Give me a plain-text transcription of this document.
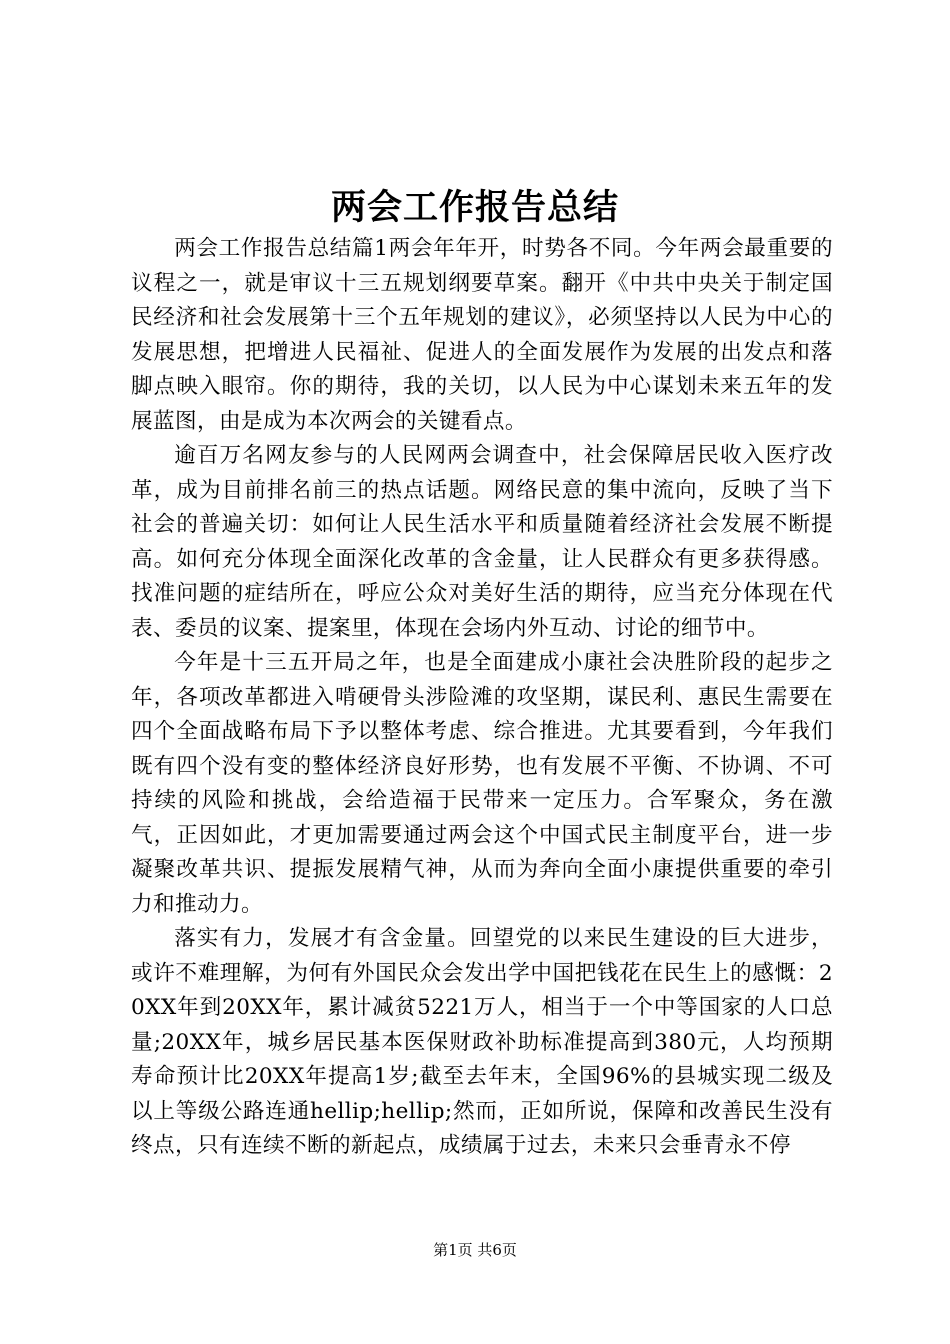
两会工作报告总结

两会工作报告总结篇1两会年年开，时势各不同。今年两会最重要的议程之一，就是审议十三五规划纲要草案。翻开《中共中央关于制定国民经济和社会发展第十三个五年规划的建议》，必须坚持以人民为中心的发展思想，把增进人民福祉、促进人的全面发展作为发展的出发点和落脚点映入眼帘。你的期待，我的关切，以人民为中心谋划未来五年的发展蓝图，由是成为本次两会的关键看点。

逾百万名网友参与的人民网两会调查中，社会保障居民收入医疗改革，成为目前排名前三的热点话题。网络民意的集中流向，反映了当下社会的普遍关切：如何让人民生活水平和质量随着经济社会发展不断提高。如何充分体现全面深化改革的含金量，让人民群众有更多获得感。找准问题的症结所在，呼应公众对美好生活的期待，应当充分体现在代表、委员的议案、提案里，体现在会场内外互动、讨论的细节中。

今年是十三五开局之年，也是全面建成小康社会决胜阶段的起步之年，各项改革都进入啃硬骨头涉险滩的攻坚期，谋民利、惠民生需要在四个全面战略布局下予以整体考虑、综合推进。尤其要看到，今年我们既有四个没有变的整体经济良好形势，也有发展不平衡、不协调、不可持续的风险和挑战，会给造福于民带来一定压力。合军聚众，务在激气，正因如此，才更加需要通过两会这个中国式民主制度平台，进一步凝聚改革共识、提振发展精气神，从而为奔向全面小康提供重要的牵引力和推动力。

落实有力，发展才有含金量。回望党的以来民生建设的巨大进步，或许不难理解，为何有外国民众会发出学中国把钱花在民生上的感慨：20XX年到20XX年，累计减贫5221万人，相当于一个中等国家的人口总量;20XX年，城乡居民基本医保财政补助标准提高到380元，人均预期寿命预计比20XX年提高1岁;截至去年末，全国96%的县城实现二级及以上等级公路连通hellip;hellip;然而，正如所说，保障和改善民生没有终点，只有连续不断的新起点，成绩属于过去，未来只会垂青永不停

第1页 共6页
